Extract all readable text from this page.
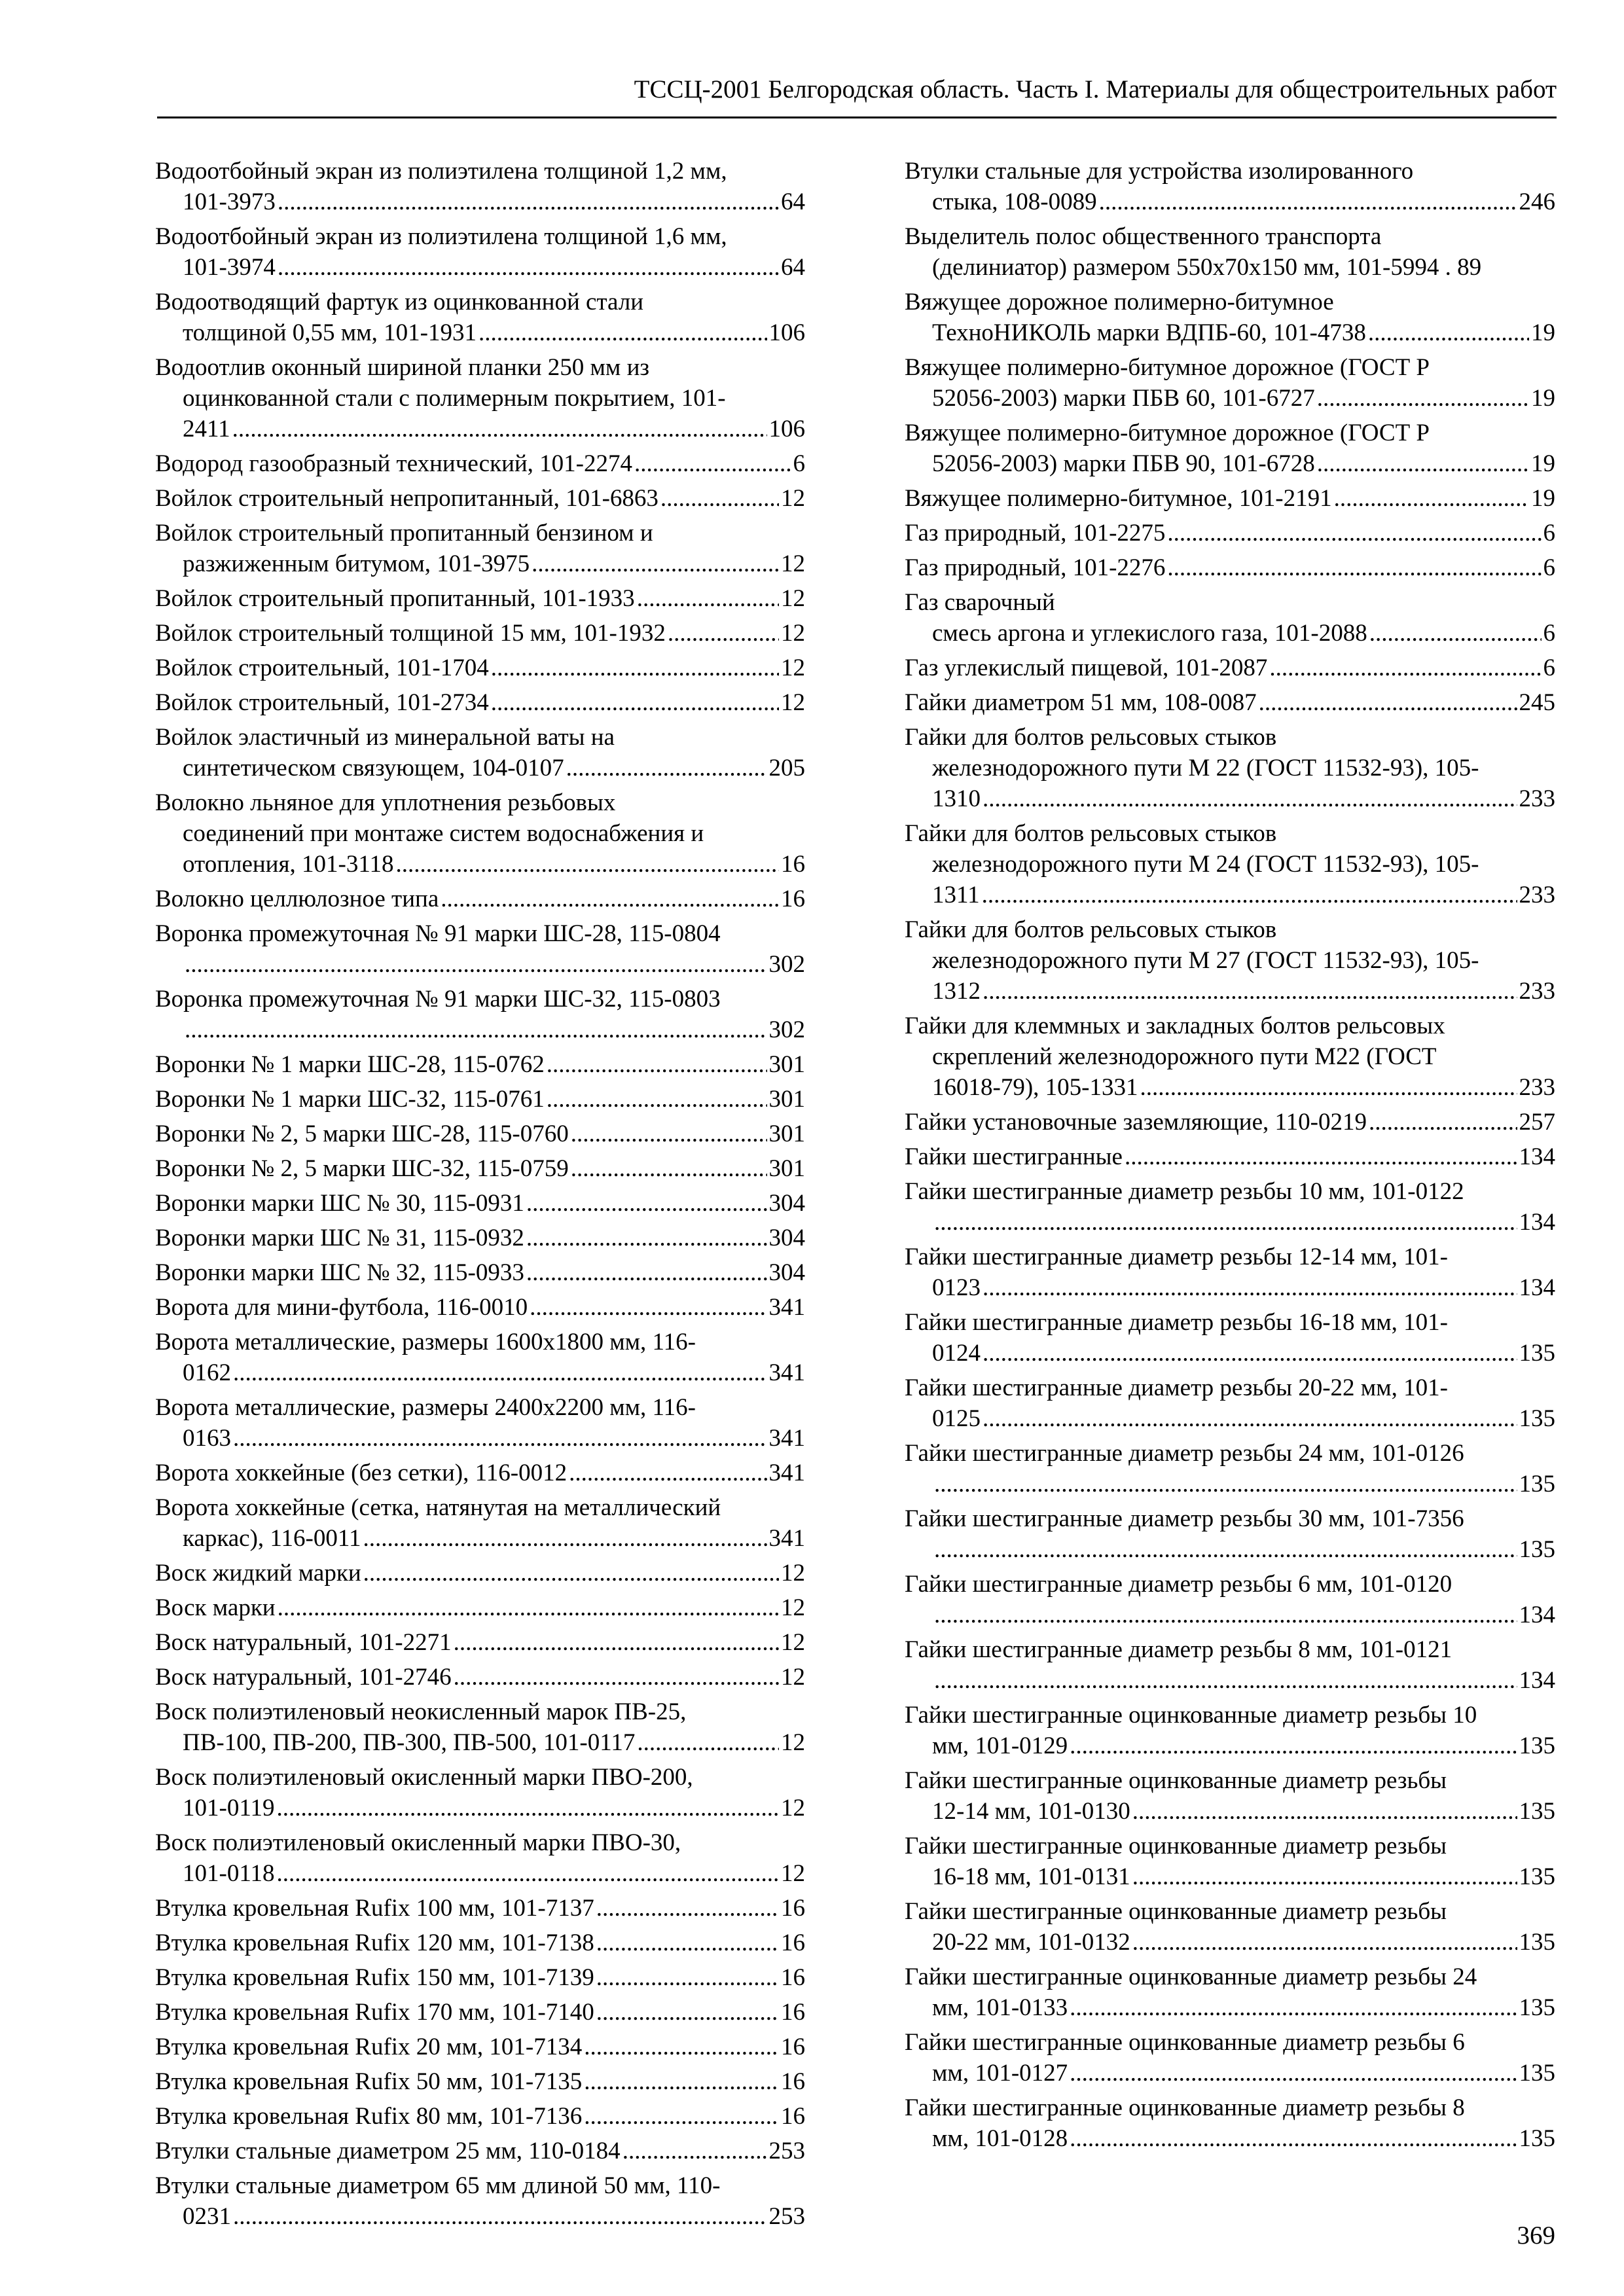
ТССЦ-2001 Белгородская область. Часть I. Материалы для общестроительных работ
Водоотбойный экран из полиэтилена толщиной 1,2 мм,
101-3973 .....	64
Водоотбойный экран из полиэтилена толщиной 1,6 мм,
101-3974 .....	64
Водоотводящий фартук из оцинкованной стали
толщиной 0,55 мм, 101-1931 .....	106
Водоотлив оконный шириной планки 250 мм из
оцинкованной стали с полимерным покрытием, 101-
2411 .....	106
Водород газообразный технический, 101-2274 .....	6
Войлок строительный непропитанный, 101-6863 .....	12
Войлок строительный пропитанный бензином и
разжиженным битумом, 101-3975 .....	12
Войлок строительный пропитанный, 101-1933 .....	12
Войлок строительный толщиной 15 мм, 101-1932 .....	12
Войлок строительный, 101-1704 .....	12
Войлок строительный, 101-2734 .....	12
Войлок эластичный из минеральной ваты на
синтетическом связующем, 104-0107 .....	205
Волокно льняное для уплотнения резьбовых
соединений при монтаже систем водоснабжения и
отопления, 101-3118 .....	16
Волокно целлюлозное типа .....	16
Воронка промежуточная № 91 марки ШС-28, 115-0804
.....
302
Воронка промежуточная № 91 марки ШС-32, 115-0803
.....
302
Воронки № 1 марки ШС-28, 115-0762 .....	301
Воронки № 1 марки ШС-32, 115-0761 .....	301
Воронки № 2, 5 марки ШС-28, 115-0760 .....	301
Воронки № 2, 5 марки ШС-32, 115-0759 .....	301
Воронки марки ШС № 30, 115-0931 .....	304
Воронки марки ШС № 31, 115-0932 .....	304
Воронки марки ШС № 32, 115-0933 .....	304
Ворота для мини-футбола, 116-0010 .....	341
Ворота металлические, размеры 1600x1800 мм, 116-
0162 .....	341
Ворота металлические, размеры 2400x2200 мм, 116-
0163 .....	341
Ворота хоккейные (без сетки), 116-0012 .....	341
Ворота хоккейные (сетка, натянутая на металлический
каркас), 116-0011 .....	341
Воск жидкий марки .....	12
Воск марки .....	12
Воск натуральный, 101-2271 .....	12
Воск натуральный, 101-2746 .....	12
Воск полиэтиленовый неокисленный марок ПВ-25,
ПВ-100, ПВ-200, ПВ-300, ПВ-500, 101-0117 .....	12
Воск полиэтиленовый окисленный марки ПВО-200,
101-0119 .....	12
Воск полиэтиленовый окисленный марки ПВО-30,
101-0118 .....	12
Втулка кровельная Rufix 100 мм, 101-7137 .....	16
Втулка кровельная Rufix 120 мм, 101-7138 .....	16
Втулка кровельная Rufix 150 мм, 101-7139 .....	16
Втулка кровельная Rufix 170 мм, 101-7140 .....	16
Втулка кровельная Rufix 20 мм, 101-7134 .....	16
Втулка кровельная Rufix 50 мм, 101-7135 .....	16
Втулка кровельная Rufix 80 мм, 101-7136 .....	16
Втулки стальные диаметром 25 мм, 110-0184 .....	253
Втулки стальные диаметром 65 мм длиной 50 мм, 110-
0231 .....	253
Втулки стальные для устройства изолированного
стыка, 108-0089 .....	246
Выделитель полос общественного транспорта
(делиниатор) размером 550x70x150 мм, 101-5994 . 89
Вяжущее дорожное полимерно-битумное
ТехноНИКОЛЬ марки ВДПБ-60, 101-4738 .....	19
Вяжущее полимерно-битумное дорожное (ГОСТ Р
52056-2003) марки ПБВ 60, 101-6727 .....	19
Вяжущее полимерно-битумное дорожное (ГОСТ Р
52056-2003) марки ПБВ 90, 101-6728 .....	19
Вяжущее полимерно-битумное, 101-2191 .....	19
Газ природный, 101-2275 .....	6
Газ природный, 101-2276 .....	6
Газ сварочный
смесь аргона и углекислого газа, 101-2088 .....	6
Газ углекислый пищевой, 101-2087 .....	6
Гайки диаметром 51 мм, 108-0087 .....	245
Гайки для болтов рельсовых стыков
железнодорожного пути М 22 (ГОСТ 11532-93), 105-
1310 .....	233
Гайки для болтов рельсовых стыков
железнодорожного пути М 24 (ГОСТ 11532-93), 105-
1311 .....	233
Гайки для болтов рельсовых стыков
железнодорожного пути М 27 (ГОСТ 11532-93), 105-
1312 .....	233
Гайки для клеммных и закладных болтов рельсовых
скреплений железнодорожного пути М22 (ГОСТ
16018-79), 105-1331 .....	233
Гайки установочные заземляющие, 110-0219 .....	257
Гайки шестигранные .....	134
Гайки шестигранные диаметр резьбы 10 мм, 101-0122
.....
134
Гайки шестигранные диаметр резьбы 12-14 мм, 101-
0123 .....	134
Гайки шестигранные диаметр резьбы 16-18 мм, 101-
0124 .....	135
Гайки шестигранные диаметр резьбы 20-22 мм, 101-
0125 .....	135
Гайки шестигранные диаметр резьбы 24 мм, 101-0126
.....
135
Гайки шестигранные диаметр резьбы 30 мм, 101-7356
.....
135
Гайки шестигранные диаметр резьбы 6 мм, 101-0120
.....
134
Гайки шестигранные диаметр резьбы 8 мм, 101-0121
.....
134
Гайки шестигранные оцинкованные диаметр резьбы 10
мм, 101-0129 .....	135
Гайки шестигранные оцинкованные диаметр резьбы
12-14 мм, 101-0130 .....	135
Гайки шестигранные оцинкованные диаметр резьбы
16-18 мм, 101-0131 .....	135
Гайки шестигранные оцинкованные диаметр резьбы
20-22 мм, 101-0132 .....	135
Гайки шестигранные оцинкованные диаметр резьбы 24
мм, 101-0133 .....	135
Гайки шестигранные оцинкованные диаметр резьбы 6
мм, 101-0127 .....	135
Гайки шестигранные оцинкованные диаметр резьбы 8
мм, 101-0128 .....	135
369
